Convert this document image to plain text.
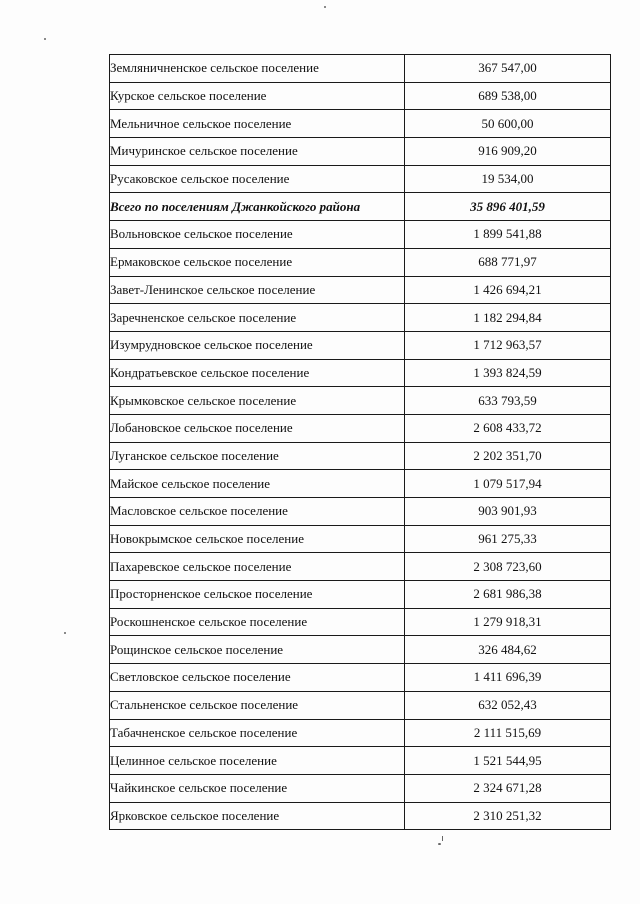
Земляничненское сельское поселение	367 547,00
Курское сельское поселение	689 538,00
Мельничное сельское поселение	50 600,00
Мичуринское сельское поселение	916 909,20
Русаковское сельское поселение	19 534,00
Всего по поселениям Джанкойского района	35 896 401,59
Вольновское сельское поселение	1 899 541,88
Ермаковское сельское поселение	688 771,97
Завет-Ленинское сельское поселение	1 426 694,21
Заречненское сельское поселение	1 182 294,84
Изумрудновское сельское поселение	1 712 963,57
Кондратьевское сельское поселение	1 393 824,59
Крымковское сельское поселение	633 793,59
Лобановское сельское поселение	2 608 433,72
Луганское сельское поселение	2 202 351,70
Майское сельское поселение	1 079 517,94
Масловское сельское поселение	903 901,93
Новокрымское сельское поселение	961 275,33
Пахаревское сельское поселение	2 308 723,60
Просторненское сельское поселение	2 681 986,38
Роскошненское сельское поселение	1 279 918,31
Рощинское сельское поселение	326 484,62
Светловское сельское поселение	1 411 696,39
Стальненское сельское поселение	632 052,43
Табачненское сельское поселение	2 111 515,69
Целинное сельское поселение	1 521 544,95
Чайкинское сельское поселение	2 324 671,28
Ярковское сельское поселение	2 310 251,32
